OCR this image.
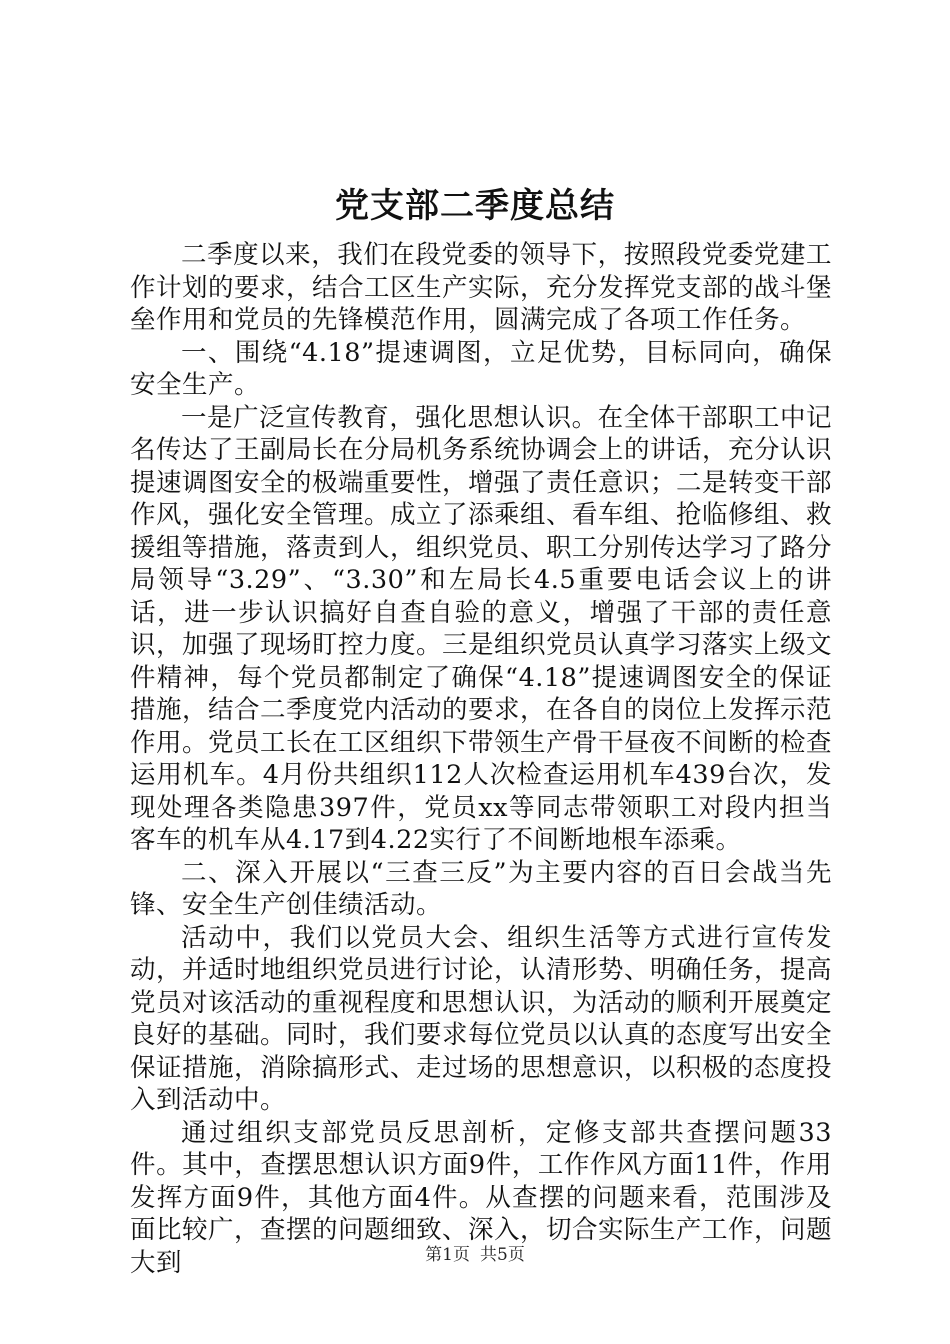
党支部二季度总结

二季度以来，我们在段党委的领导下，按照段党委党建工作计划的要求，结合工区生产实际，充分发挥党支部的战斗堡垒作用和党员的先锋模范作用，圆满完成了各项工作任务。

一、围绕“4.18”提速调图，立足优势，目标同向，确保安全生产。

一是广泛宣传教育，强化思想认识。在全体干部职工中记名传达了王副局长在分局机务系统协调会上的讲话，充分认识提速调图安全的极端重要性，增强了责任意识；二是转变干部作风，强化安全管理。成立了添乘组、看车组、抢临修组、救援组等措施，落责到人，组织党员、职工分别传达学习了路分局领导“3.29”、“3.30”和左局长4.5重要电话会议上的讲话，进一步认识搞好自查自验的意义，增强了干部的责任意识，加强了现场盯控力度。三是组织党员认真学习落实上级文件精神，每个党员都制定了确保“4.18”提速调图安全的保证措施，结合二季度党内活动的要求，在各自的岗位上发挥示范作用。党员工长在工区组织下带领生产骨干昼夜不间断的检查运用机车。4月份共组织112人次检查运用机车439台次，发现处理各类隐患397件，党员xx等同志带领职工对段内担当客车的机车从4.17到4.22实行了不间断地根车添乘。

二、深入开展以“三查三反”为主要内容的百日会战当先锋、安全生产创佳绩活动。

活动中，我们以党员大会、组织生活等方式进行宣传发动，并适时地组织党员进行讨论，认清形势、明确任务，提高党员对该活动的重视程度和思想认识，为活动的顺利开展奠定良好的基础。同时，我们要求每位党员以认真的态度写出安全保证措施，消除搞形式、走过场的思想意识，以积极的态度投入到活动中。

通过组织支部党员反思剖析，定修支部共查摆问题33件。其中，查摆思想认识方面9件，工作作风方面11件，作用发挥方面9件，其他方面4件。从查摆的问题来看，范围涉及面比较广，查摆的问题细致、深入，切合实际生产工作，问题大到	第1页 共5页
